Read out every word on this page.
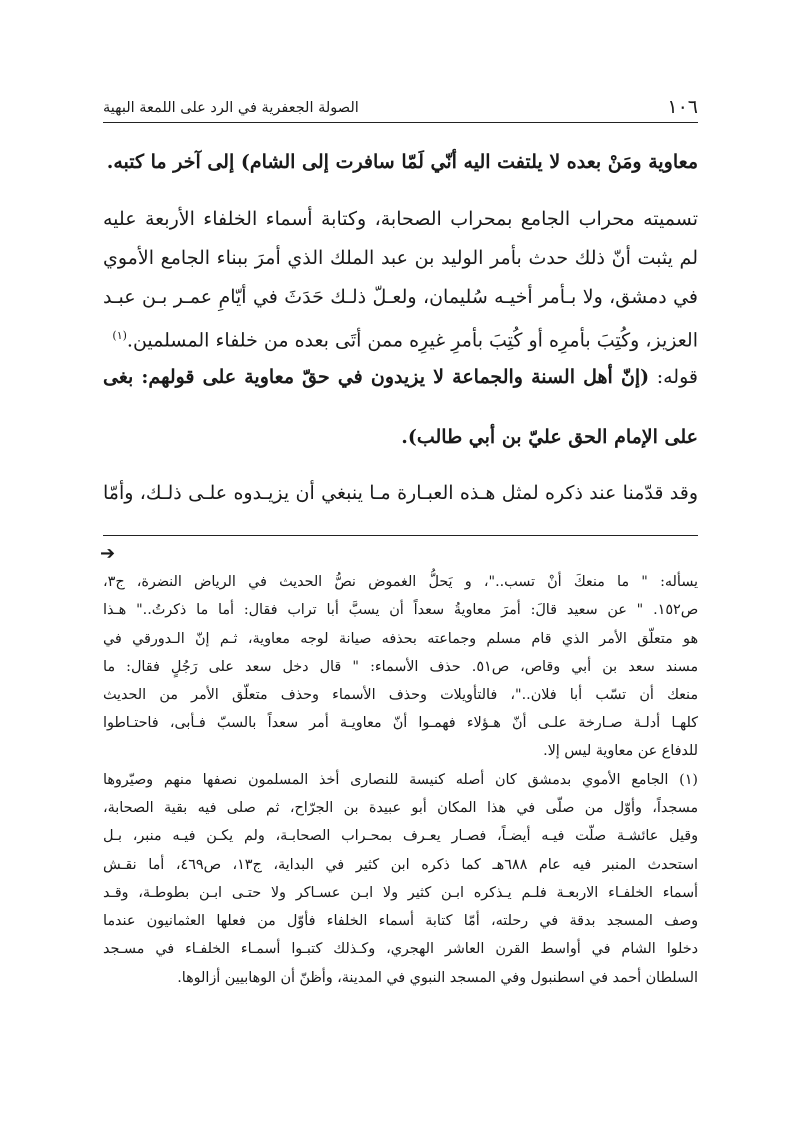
١٠٦
الصولة الجعفرية في الرد على اللمعة البهية
معاوية ومَنْ بعده لا يلتفت اليه أنّي لَمّا سافرت إلى الشام) إلى آخر ما كتبه.
تسميته محراب الجامع بمحراب الصحابة، وكتابة أسماء الخلفاء الأربعة عليه
لم يثبت أنّ ذلك حدث بأمر الوليد بن عبد الملك الذي أمرَ ببناء الجامع الأموي
في دمشق، ولا بـأمر أخيـه سُليمان، ولعـلّ ذلـك حَدَثَ في أيّامِ عمـر بـن عبـد
العزيز، وكُتِبَ بأمرِه أو كُتِبَ بأمرِ غيرِه ممن أتَى بعده من خلفاء المسلمين.$^{(١)}$
قوله: (إنّ أهل السنة والجماعة لا يزيدون في حقّ معاوية على قولهم: بغى
على الإمام الحق عليّ بن أبي طالب).
وقد قدّمنا عند ذكره لمثل هـذه العبـارة مـا ينبغي أن يزيـدوه علـى ذلـك، وأمّا
➔
يسأله: " ما منعكَ أنْ تسب.."، و يَحلُّ الغموض نصُّ الحديث في الرياض النضرة، ج٣،
ص١٥٢. " عن سعيد قالَ: أمرَ معاويةُ سعداً أن يسبَّ أبا تراب فقال: أما ما ذكرتُ.." هـذا
هو متعلّق الأمر الذي قام مسلم وجماعته بحذفه صيانة لوجه معاوية، ثـم إنّ الـدورقي في
مسند سعد بن أبي وقاص، ص٥١. حذف الأسماء: " قال دخل سعد على رَجُلٍ فقال: ما
منعك أن تسّب أبا فلان.."، فالتأويلات وحذف الأسماء وحذف متعلّق الأمر من الحديث
كلهـا أدلـة صـارخة علـى أنّ هـؤلاء فهمـوا أنّ معاويـة أمر سعداً بالسبّ فـأبى، فاحتـاطوا
للدفاع عن معاوية ليس إلا.
(١) الجامع الأموي بدمشق كان أصله كنيسة للنصارى أخذ المسلمون نصفها منهم وصيّروها
مسجداً، وأوّل من صلّى في هذا المكان أبو عبيدة بن الجرّاح، ثم صلى فيه بقية الصحابة،
وقيل عائشـة صلّت فيـه أيضـاً، فصـار يعـرف بمحـراب الصحابـة، ولم يكـن فيـه منبر، بـل
استحدث المنبر فيه عام ٦٨٨هـ كما ذكره ابن كثير في البداية، ج١٣، ص٤٦٩، أما نقـش
أسماء الخلفـاء الاربعـة فلـم يـذكره ابـن كثير ولا ابـن عسـاكر ولا حتـى ابـن بطوطـة، وقـد
وصف المسجد بدقة في رحلته، أمّا كتابة أسماء الخلفاء فأوّل من فعلها العثمانيون عندما
دخلوا الشام في أواسط القرن العاشر الهجري، وكـذلك كتبـوا أسمـاء الخلفـاء في مسـجد
السلطان أحمد في اسطنبول وفي المسجد النبوي في المدينة، وأظنّ أن الوهابيين أزالوها.
